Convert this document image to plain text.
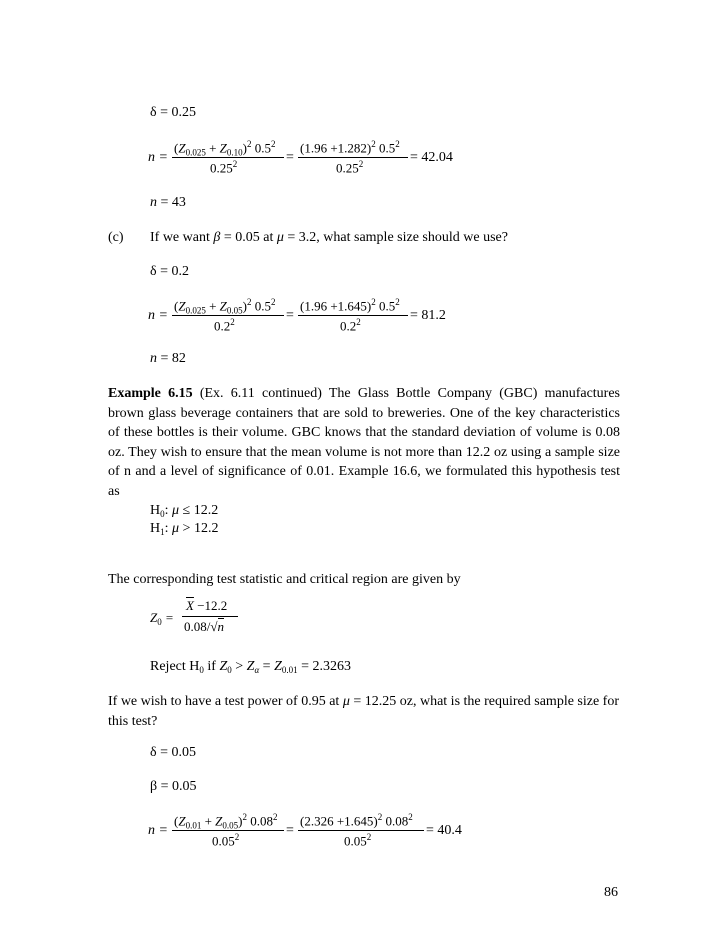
δ = 0.25
n =
$(Z_{0.025} + Z_{0.10})^2$ $0.5^2$
$0.25^2$	=
$(1.96 +1.282)^2$ $0.5^2$
$0.25^2$	= 42.04
n = 43
(c) If we want β = 0.05 at μ = 3.2, what sample size should we use?
δ = 0.2
n =
$(Z_{0.025} + Z_{0.05})^2$ $0.5^2$
$0.2^2$	=
$(1.96 +1.645)^2$ $0.5^2$
$0.2^2$	= 81.2
n = 82
Example 6.15 (Ex. 6.11 continued) The Glass Bottle Company (GBC) manufactures brown glass beverage containers that are sold to breweries. One of the key characteristics of these bottles is their volume. GBC knows that the standard deviation of volume is 0.08 oz. They wish to ensure that the mean volume is not more than 12.2 oz using a sample size of n and a level of significance of 0.01. Example 16.6, we formulated this hypothesis test as
$H_0$: μ ≤ 12.2
$H_1$: μ > 12.2
The corresponding test statistic and critical region are given by
$Z_0$ =
$\overline{X} -12.2$
0.08/√n
Reject $H_0$ if $Z_0 > Z_\alpha = Z_{0.01} = 2.3263$
If we wish to have a test power of 0.95 at μ = 12.25 oz, what is the required sample size for this test?
δ = 0.05
β = 0.05
n =
$(Z_{0.01} + Z_{0.05})^2$ 0.08$^2$
$0.05^2$	=
$(2.326 +1.645)^2$ 0.08$^2$
$0.05^2$	= 40.4
86
